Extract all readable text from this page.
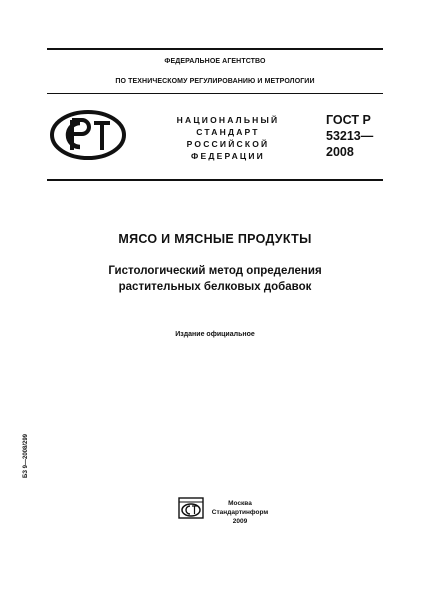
ФЕДЕРАЛЬНОЕ АГЕНТСТВО
ПО ТЕХНИЧЕСКОМУ РЕГУЛИРОВАНИЮ И МЕТРОЛОГИИ
НАЦИОНАЛЬНЫЙ
СТАНДАРТ
РОССИЙСКОЙ
ФЕДЕРАЦИИ
ГОСТ Р
53213—
2008
МЯСО И МЯСНЫЕ ПРОДУКТЫ
Гистологический метод определения
растительных белковых добавок
Издание официальное
БЗ 9—2008/299
Москва
Стандартинформ
2009
